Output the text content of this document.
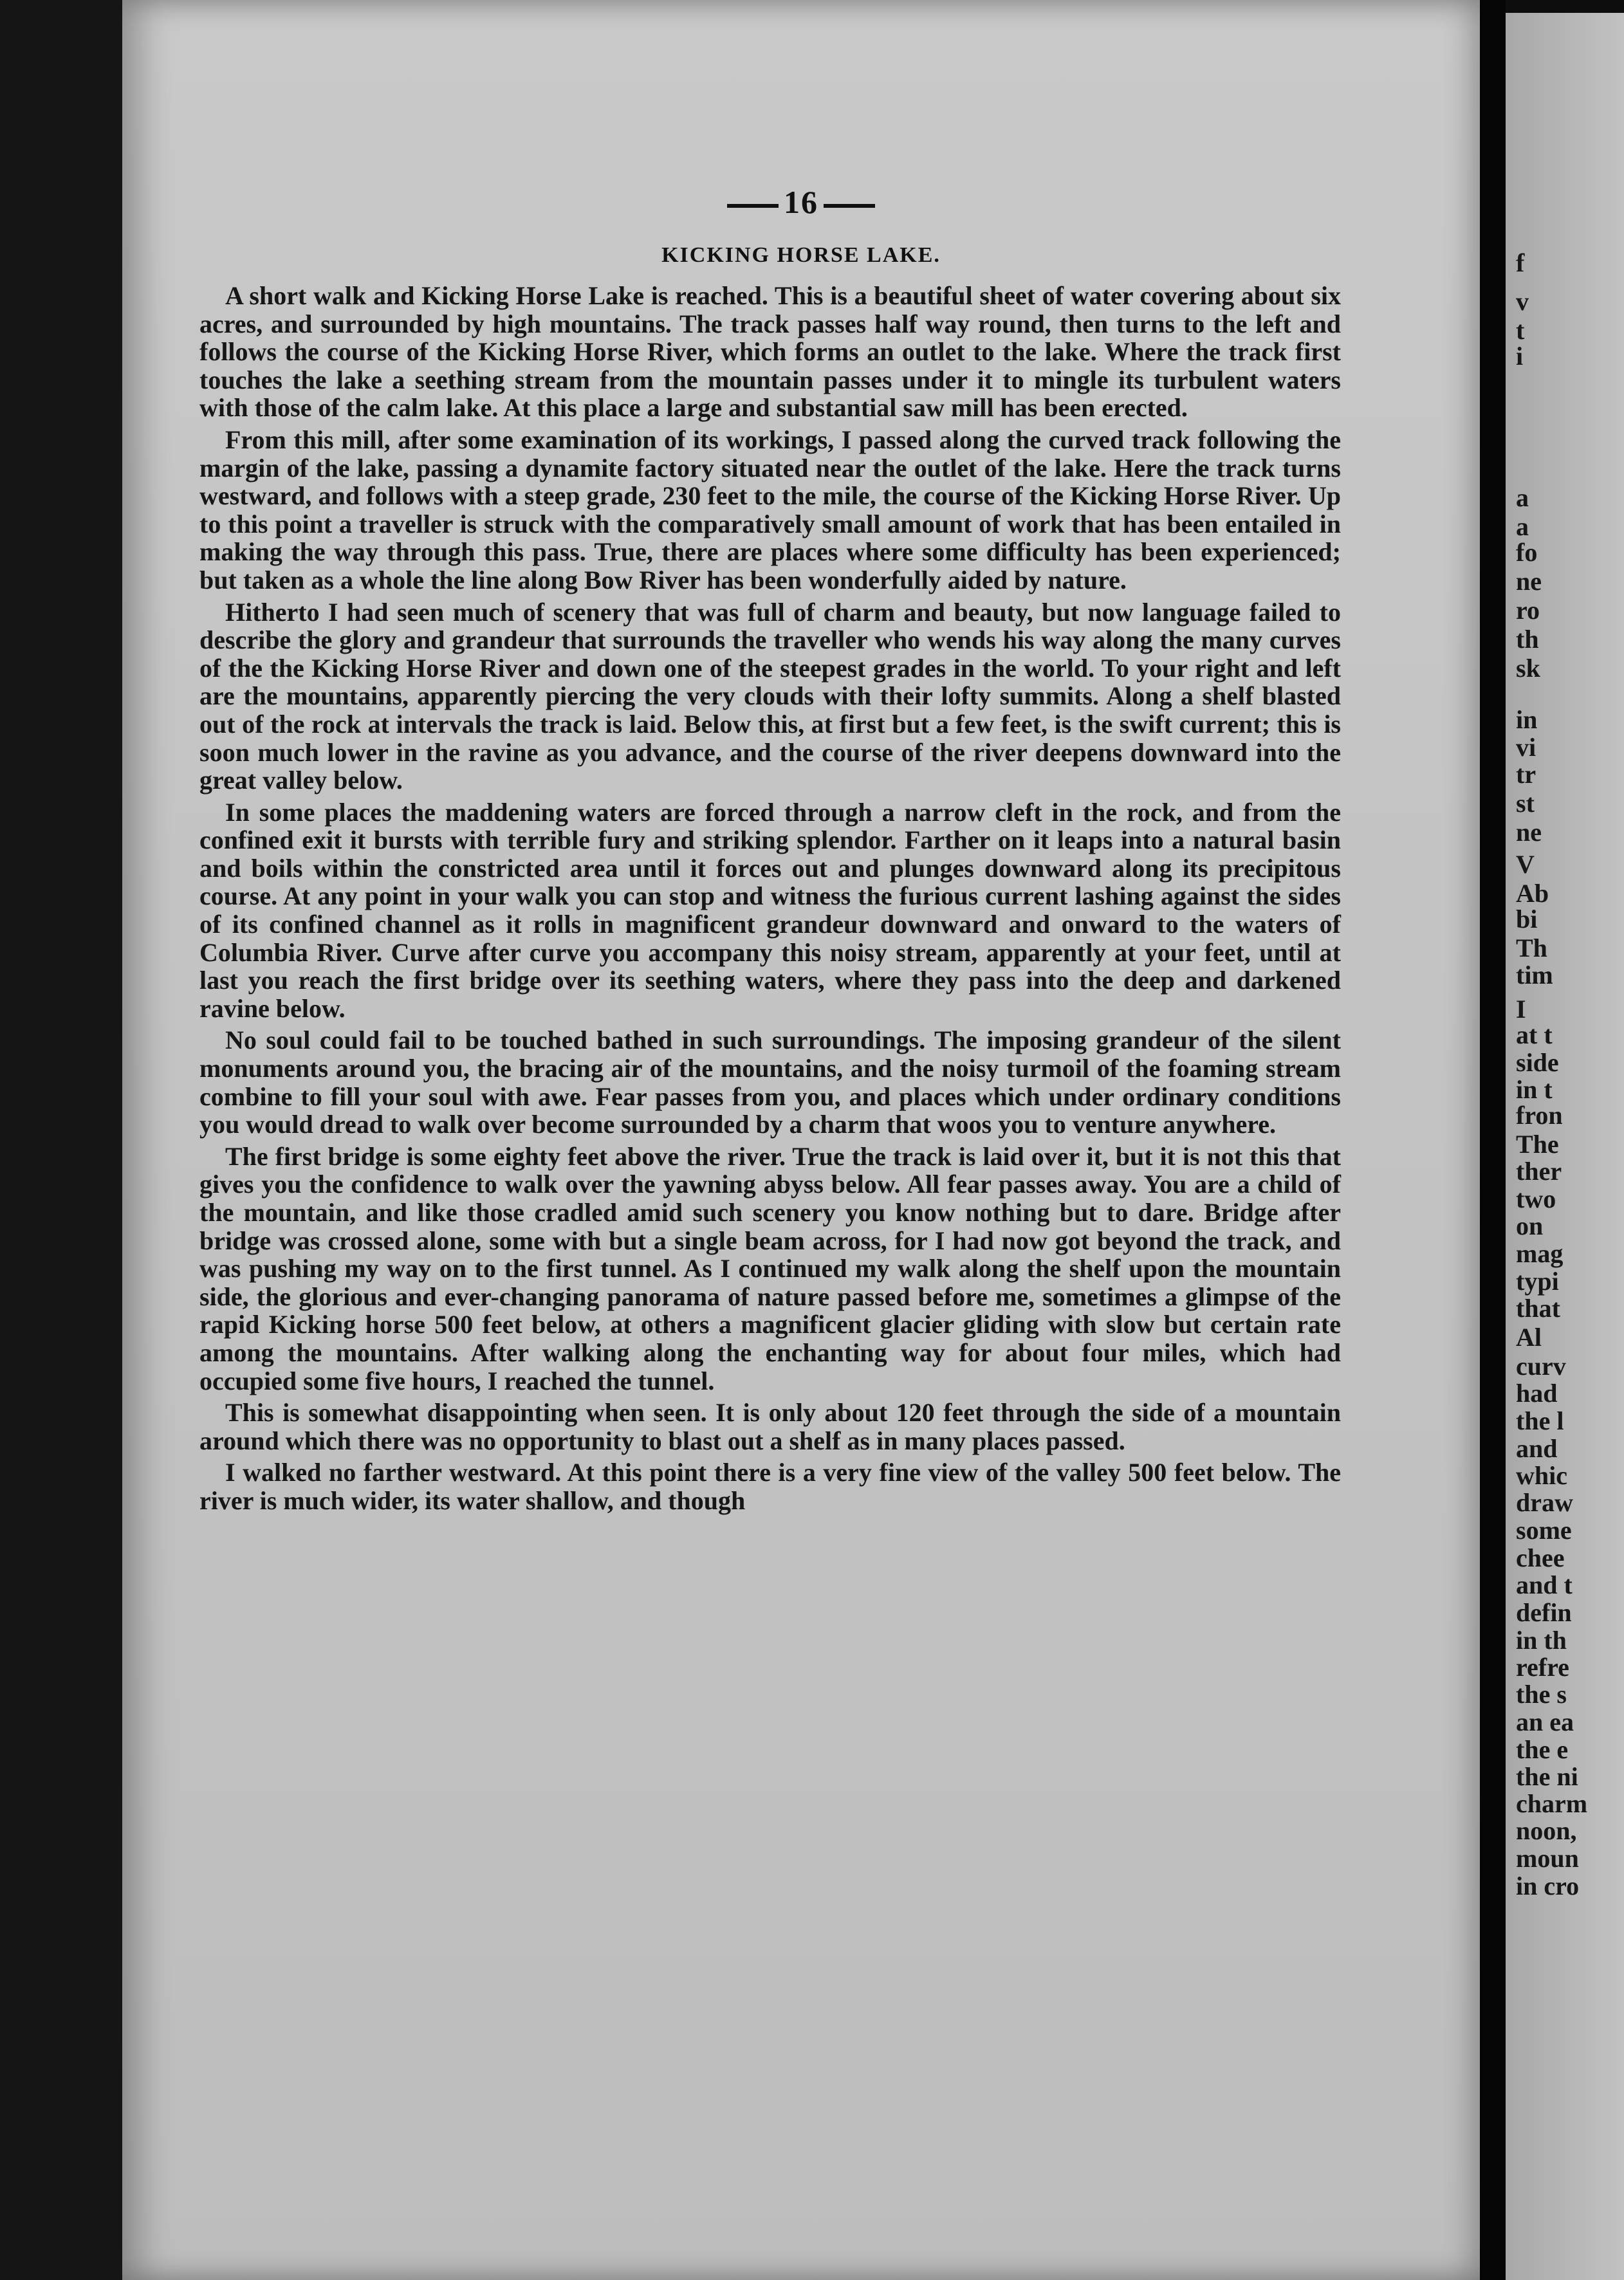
16
KICKING HORSE LAKE.

A short walk and Kicking Horse Lake is reached. This is a beautiful sheet of water covering about six acres, and surrounded by high mountains. The track passes half way round, then turns to the left and follows the course of the Kicking Horse River, which forms an outlet to the lake. Where the track first touches the lake a seething stream from the mountain passes under it to mingle its turbulent waters with those of the calm lake. At this place a large and substantial saw mill has been erected.

From this mill, after some examination of its workings, I passed along the curved track following the margin of the lake, passing a dynamite factory situated near the outlet of the lake. Here the track turns westward, and follows with a steep grade, 230 feet to the mile, the course of the Kicking Horse River. Up to this point a traveller is struck with the comparatively small amount of work that has been entailed in making the way through this pass. True, there are places where some difficulty has been experienced; but taken as a whole the line along Bow River has been wonderfully aided by nature.

Hitherto I had seen much of scenery that was full of charm and beauty, but now language failed to describe the glory and grandeur that surrounds the traveller who wends his way along the many curves of the the Kicking Horse River and down one of the steepest grades in the world. To your right and left are the mountains, apparently piercing the very clouds with their lofty summits. Along a shelf blasted out of the rock at intervals the track is laid. Below this, at first but a few feet, is the swift current; this is soon much lower in the ravine as you advance, and the course of the river deepens downward into the great valley below.

In some places the maddening waters are forced through a narrow cleft in the rock, and from the confined exit it bursts with terrible fury and striking splendor. Farther on it leaps into a natural basin and boils within the constricted area until it forces out and plunges downward along its precipitous course. At any point in your walk you can stop and witness the furious current lashing against the sides of its confined channel as it rolls in magnificent grandeur downward and onward to the waters of Columbia River. Curve after curve you accompany this noisy stream, apparently at your feet, until at last you reach the first bridge over its seething waters, where they pass into the deep and darkened ravine below.

No soul could fail to be touched bathed in such surroundings. The imposing grandeur of the silent monuments around you, the bracing air of the mountains, and the noisy turmoil of the foaming stream combine to fill your soul with awe. Fear passes from you, and places which under ordinary conditions you would dread to walk over become surrounded by a charm that woos you to venture anywhere.

The first bridge is some eighty feet above the river. True the track is laid over it, but it is not this that gives you the confidence to walk over the yawning abyss below. All fear passes away. You are a child of the mountain, and like those cradled amid such scenery you know nothing but to dare. Bridge after bridge was crossed alone, some with but a single beam across, for I had now got beyond the track, and was pushing my way on to the first tunnel. As I continued my walk along the shelf upon the mountain side, the glorious and ever-changing panorama of nature passed before me, sometimes a glimpse of the rapid Kicking horse 500 feet below, at others a magnificent glacier gliding with slow but certain rate among the mountains. After walking along the enchanting way for about four miles, which had occupied some five hours, I reached the tunnel.

This is somewhat disappointing when seen. It is only about 120 feet through the side of a mountain around which there was no opportunity to blast out a shelf as in many places passed.

I walked no farther westward. At this point there is a very fine view of the valley 500 feet below. The river is much wider, its water shallow, and though

f
v
t
i
a
a
fo
ne
ro
th
sk
in
vi
tr
st
ne
V
Ab
bi
Th
tim
I
at t
side
in t
fron
The
ther
two
on
mag
typi
that
Al
curv
had
the l
and
whic
draw
some
chee
and t
defin
in th
refre
the s
an ea
the e
the ni
charm
noon,
moun
in cro
